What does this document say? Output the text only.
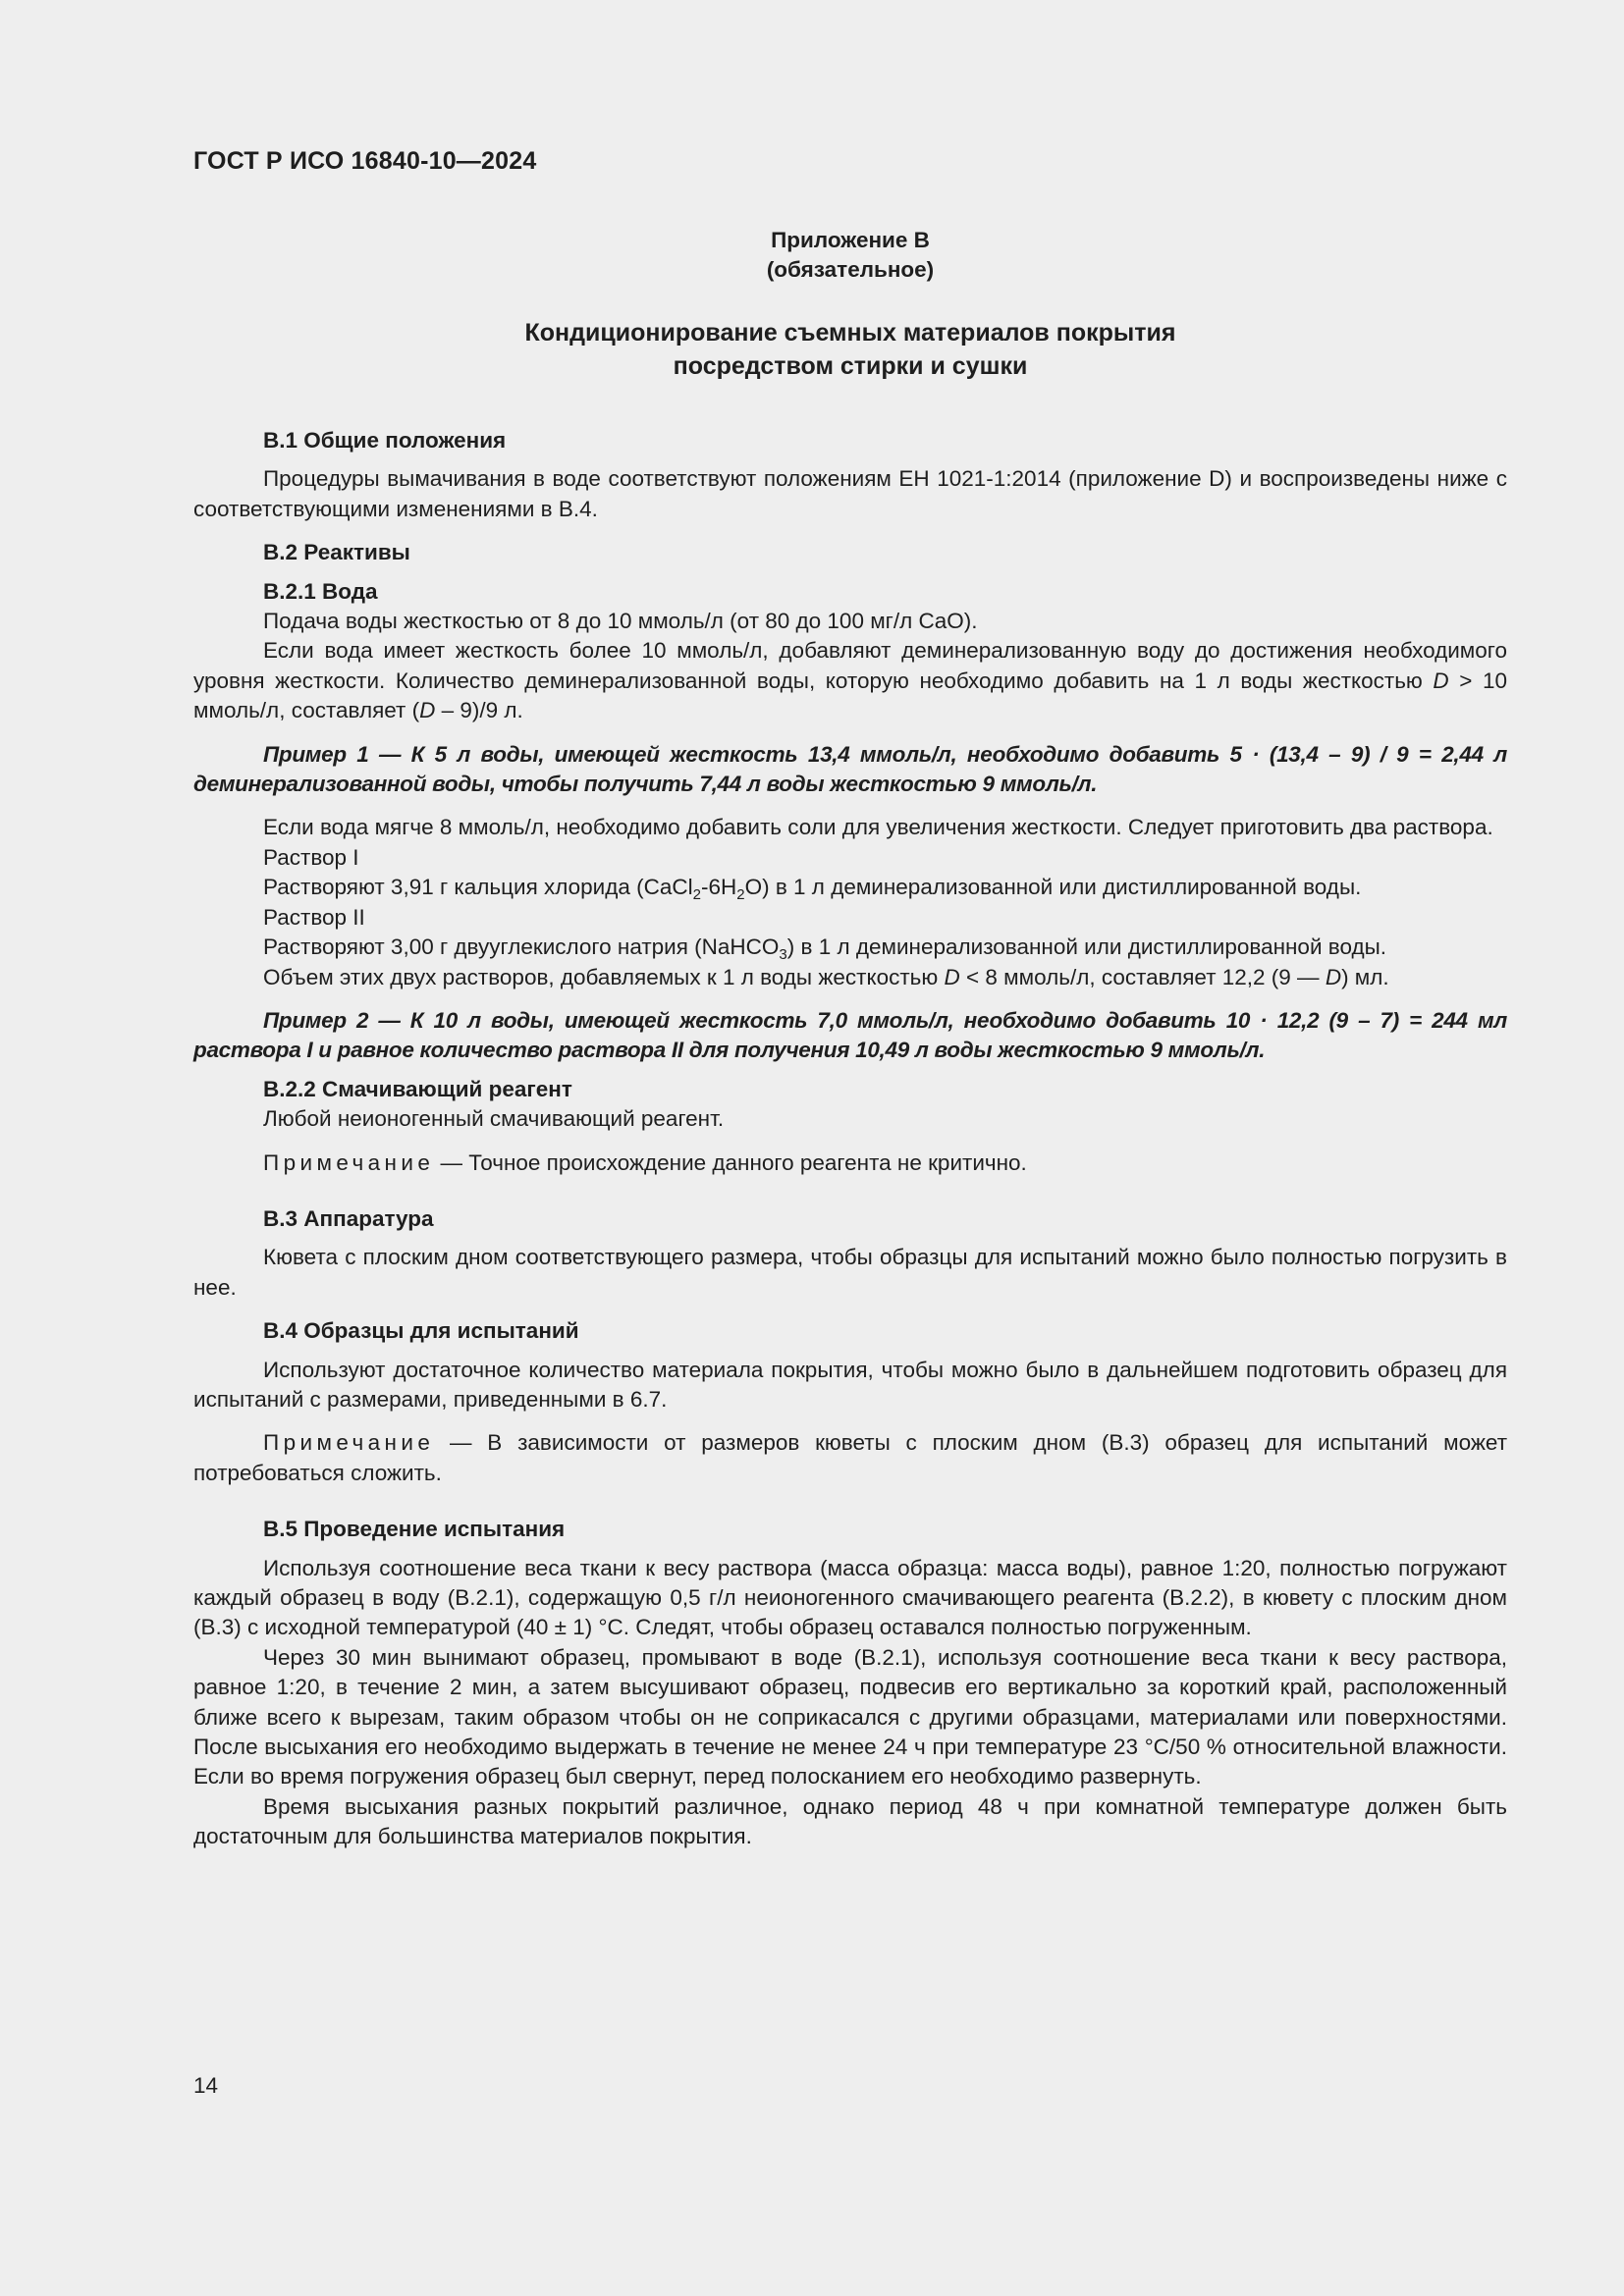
ГОСТ Р ИСО 16840-10—2024
Приложение В
(обязательное)
Кондиционирование съемных материалов покрытия
посредством стирки и сушки

В.1 Общие положения

Процедуры вымачивания в воде соответствуют положениям ЕН 1021-1:2014 (приложение D) и воспроизведены ниже с соответствующими изменениями в В.4.

В.2 Реактивы

В.2.1 Вода

Подача воды жесткостью от 8 до 10 ммоль/л (от 80 до 100 мг/л CaO).

Если вода имеет жесткость более 10 ммоль/л, добавляют деминерализованную воду до достижения необходимого уровня жесткости. Количество деминерализованной воды, которую необходимо добавить на 1 л воды жесткостью D > 10 ммоль/л, составляет (D – 9)/9 л.

Пример 1 — К 5 л воды, имеющей жесткость 13,4 ммоль/л, необходимо добавить 5 · (13,4 – 9) / 9 = 2,44 л деминерализованной воды, чтобы получить 7,44 л воды жесткостью 9 ммоль/л.

Если вода мягче 8 ммоль/л, необходимо добавить соли для увеличения жесткости. Следует приготовить два раствора.

Раствор I

Растворяют 3,91 г кальция хлорида $(CaCl_2-6H_2O)$ в 1 л деминерализованной или дистиллированной воды.

Раствор II

Растворяют 3,00 г двууглекислого натрия (NaHCO$_3$) в 1 л деминерализованной или дистиллированной воды.

Объем этих двух растворов, добавляемых к 1 л воды жесткостью D < 8 ммоль/л, составляет 12,2 (9 — D) мл.

Пример 2 — К 10 л воды, имеющей жесткость 7,0 ммоль/л, необходимо добавить 10 · 12,2 (9 – 7) = 244 мл раствора I и равное количество раствора II для получения 10,49 л воды жесткостью 9 ммоль/л.

В.2.2 Смачивающий реагент

Любой неионогенный смачивающий реагент.

Примечание — Точное происхождение данного реагента не критично.

В.3 Аппаратура

Кювета с плоским дном соответствующего размера, чтобы образцы для испытаний можно было полностью погрузить в нее.

В.4 Образцы для испытаний

Используют достаточное количество материала покрытия, чтобы можно было в дальнейшем подготовить образец для испытаний с размерами, приведенными в 6.7.

Примечание — В зависимости от размеров кюветы с плоским дном (В.3) образец для испытаний может потребоваться сложить.

В.5 Проведение испытания

Используя соотношение веса ткани к весу раствора (масса образца: масса воды), равное 1:20, полностью погружают каждый образец в воду (В.2.1), содержащую 0,5 г/л неионогенного смачивающего реагента (В.2.2), в кювету с плоским дном (В.3) с исходной температурой (40 ± 1) °С. Следят, чтобы образец оставался полностью погруженным.

Через 30 мин вынимают образец, промывают в воде (В.2.1), используя соотношение веса ткани к весу раствора, равное 1:20, в течение 2 мин, а затем высушивают образец, подвесив его вертикально за короткий край, расположенный ближе всего к вырезам, таким образом чтобы он не соприкасался с другими образцами, материалами или поверхностями. После высыхания его необходимо выдержать в течение не менее 24 ч при температуре 23 °С/50 % относительной влажности. Если во время погружения образец был свернут, перед полосканием его необходимо развернуть.

Время высыхания разных покрытий различное, однако период 48 ч при комнатной температуре должен быть достаточным для большинства материалов покрытия.

14
